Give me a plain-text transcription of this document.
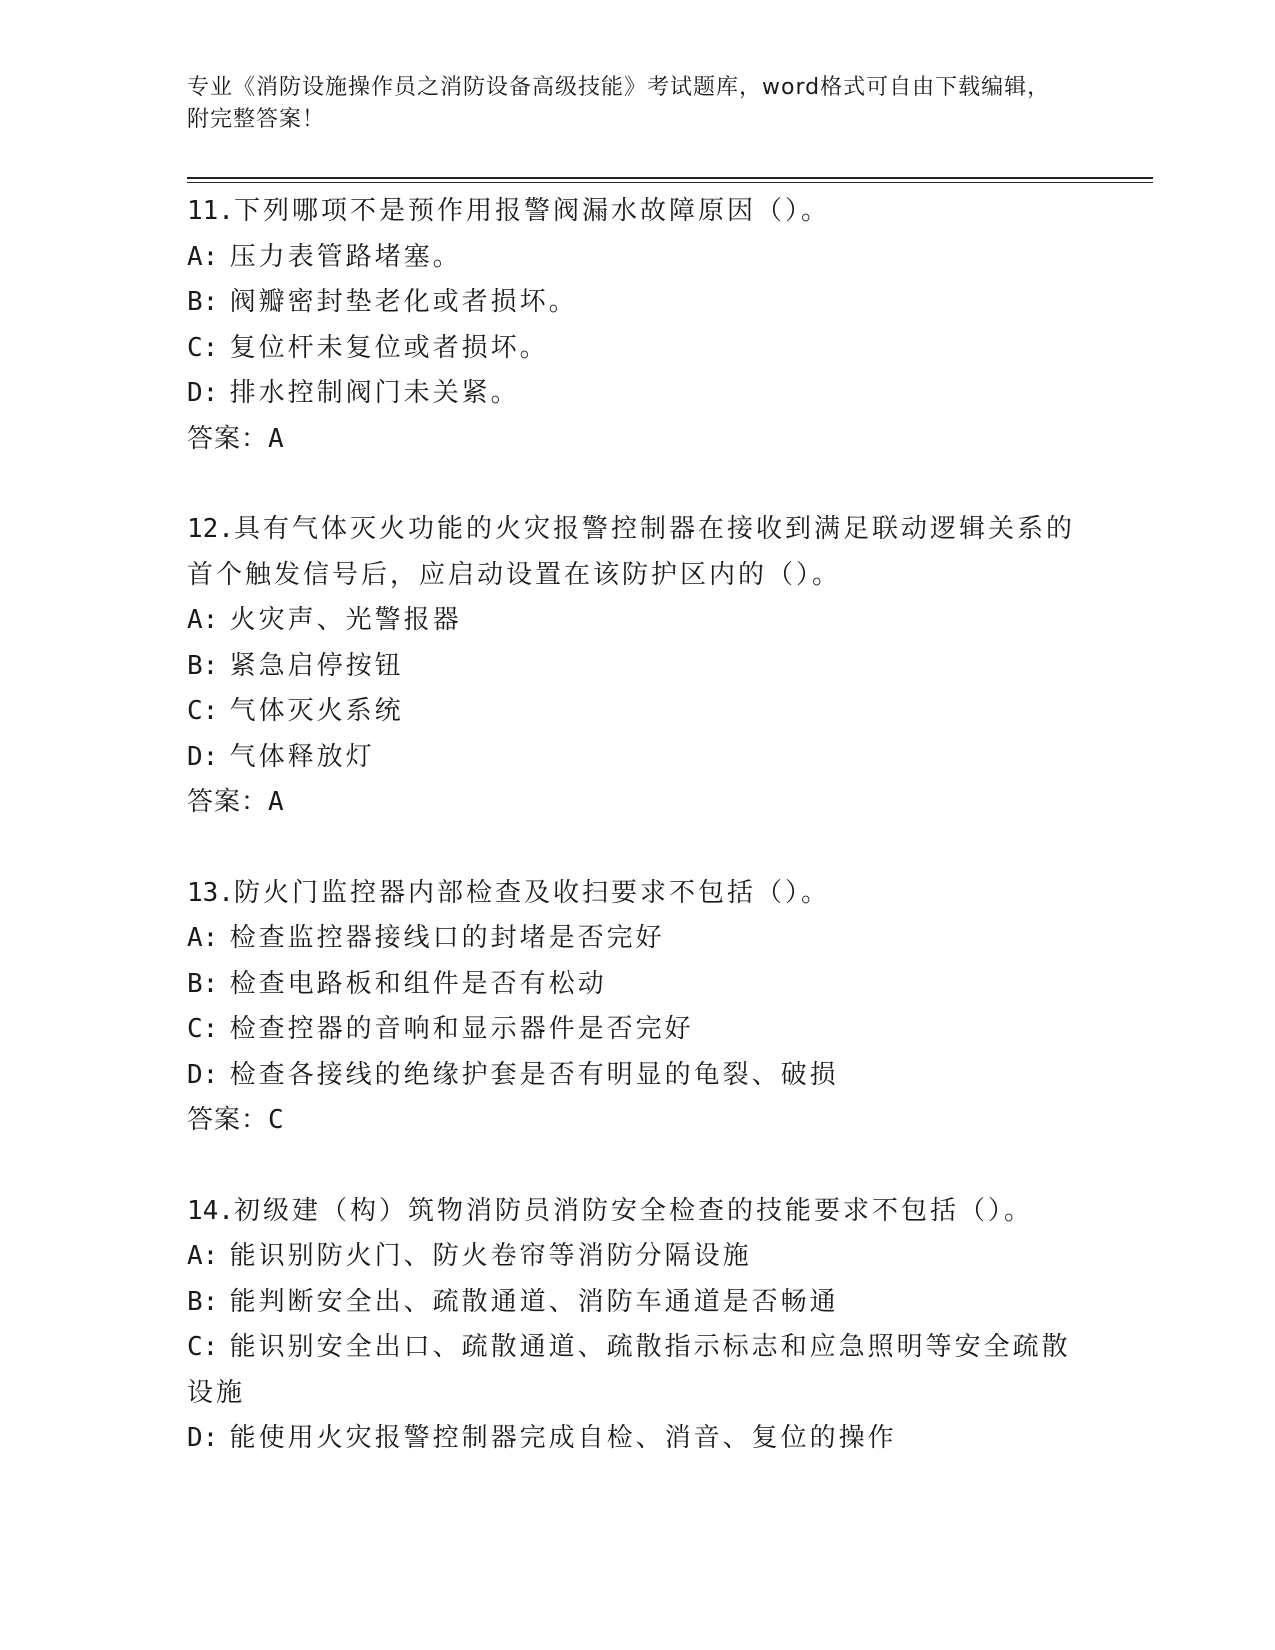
专业《消防设施操作员之消防设备高级技能》考试题库，word格式可自由下载编辑，附完整答案！

11.下列哪项不是预作用报警阀漏水故障原因（）。

A: 压力表管路堵塞。

B: 阀瓣密封垫老化或者损坏。

C: 复位杆未复位或者损坏。

D: 排水控制阀门未关紧。

答案：A

12.具有气体灭火功能的火灾报警控制器在接收到满足联动逻辑关系的首个触发信号后，应启动设置在该防护区内的（）。

A: 火灾声、光警报器

B: 紧急启停按钮

C: 气体灭火系统

D: 气体释放灯

答案：A

13.防火门监控器内部检查及收扫要求不包括（）。

A: 检查监控器接线口的封堵是否完好

B: 检查电路板和组件是否有松动

C: 检查控器的音响和显示器件是否完好

D: 检查各接线的绝缘护套是否有明显的龟裂、破损

答案：C

14.初级建（构）筑物消防员消防安全检查的技能要求不包括（）。

A: 能识别防火门、防火卷帘等消防分隔设施

B: 能判断安全出、疏散通道、消防车通道是否畅通

C: 能识别安全出口、疏散通道、疏散指示标志和应急照明等安全疏散设施

D: 能使用火灾报警控制器完成自检、消音、复位的操作
